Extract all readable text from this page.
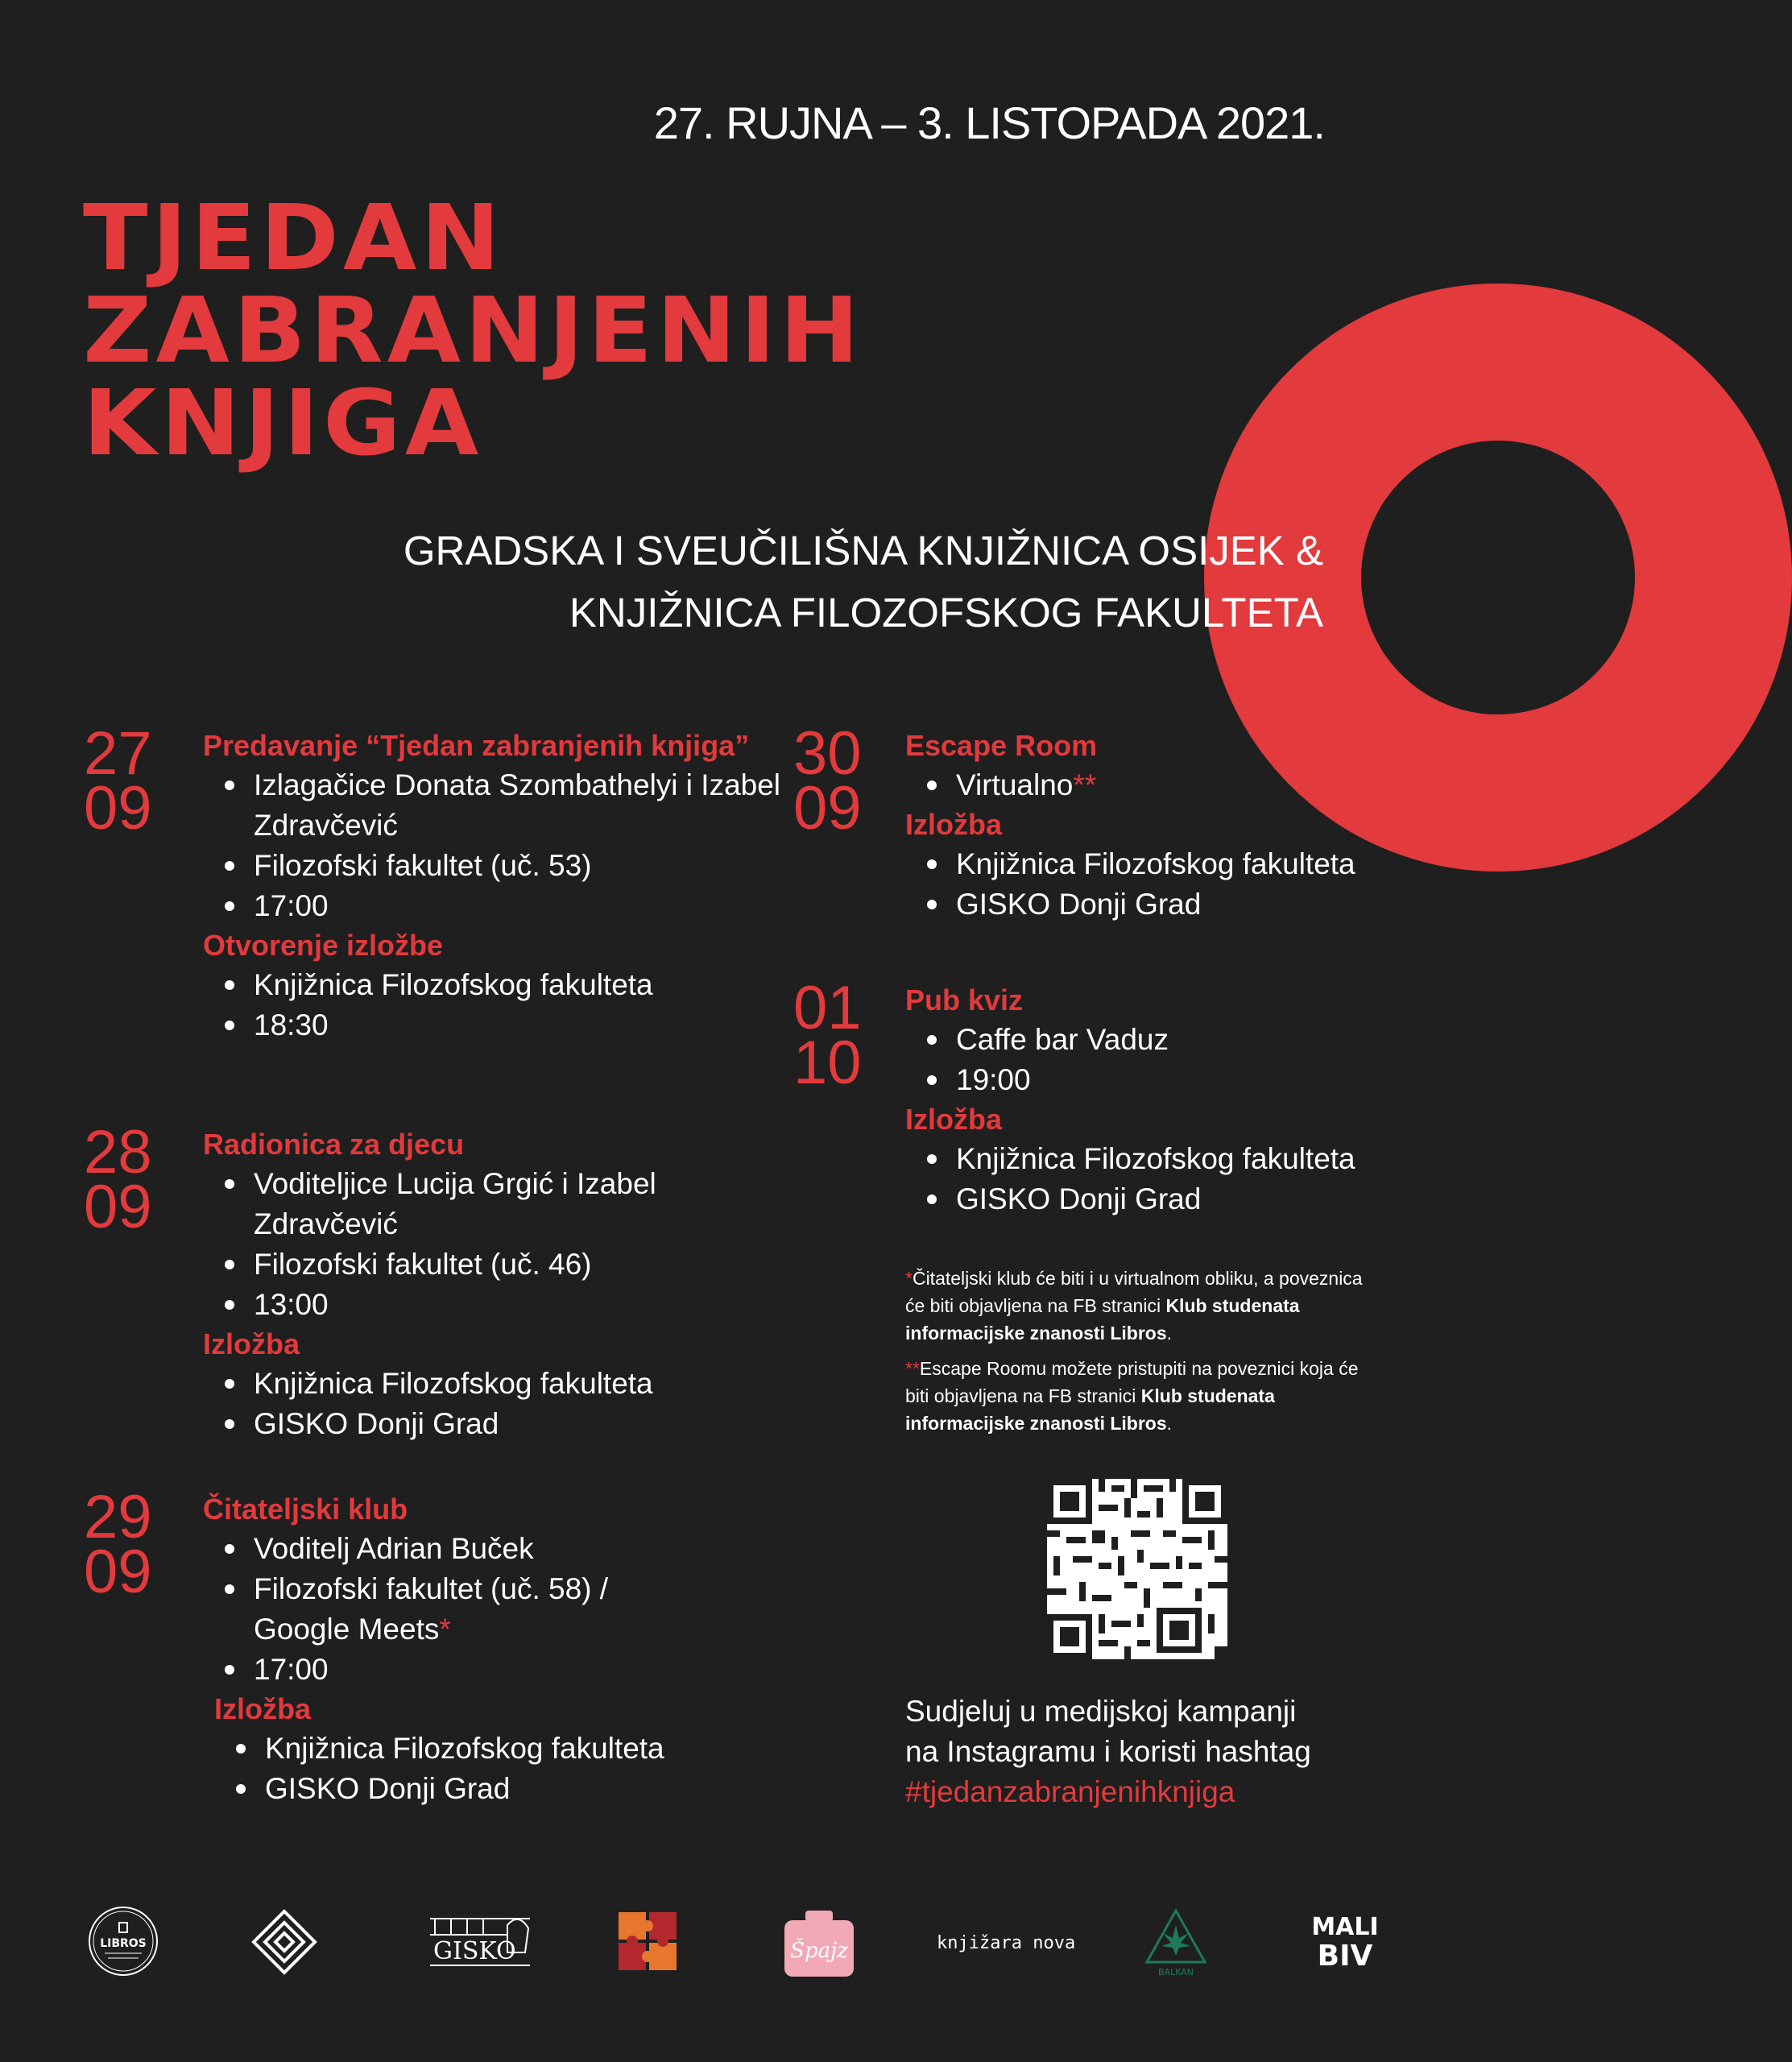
27. RUJNA – 3. LISTOPADA 2021.
TJEDAN
ZABRANJENIH
KNJIGA
GRADSKA I SVEUČILIŠNA KNJIŽNICA OSIJEK &
KNJIŽNICA FILOZOFSKOG FAKULTETA
27
09
Predavanje “Tjedan zabranjenih knjiga”
Izlagačice Donata Szombathelyi i Izabel Zdravčević
Filozofski fakultet (uč. 53)
17:00
Otvorenje izložbe
Knjižnica Filozofskog fakulteta
18:30
28
09
Radionica za djecu
Voditeljice Lucija Grgić i Izabel Zdravčević
Filozofski fakultet (uč. 46)
13:00
Izložba
Knjižnica Filozofskog fakulteta
GISKO Donji Grad
29
09
Čitateljski klub
Voditelj Adrian Buček
Filozofski fakultet (uč. 58) / Google Meets*
17:00
Izložba
Knjižnica Filozofskog fakulteta
GISKO Donji Grad
30
09
Escape Room
Virtualno**
Izložba
Knjižnica Filozofskog fakulteta
GISKO Donji Grad
01
10
Pub kviz
Caffe bar Vaduz
19:00
Izložba
Knjižnica Filozofskog fakulteta
GISKO Donji Grad

*Čitateljski klub će biti i u virtualnom obliku, a poveznica će biti objavljena na FB stranici Klub studenata informacijske znanosti Libros.

**Escape Roomu možete pristupiti na poveznici koja će biti objavljena na FB stranici Klub studenata informacijske znanosti Libros.

Sudjeluj u medijskoj kampanji
na Instagramu i koristi hashtag
#tjedanzabranjenihknjiga
LIBROS	GISKO	Špajz	knjižara nova
BALKAN
MALI
BIV
